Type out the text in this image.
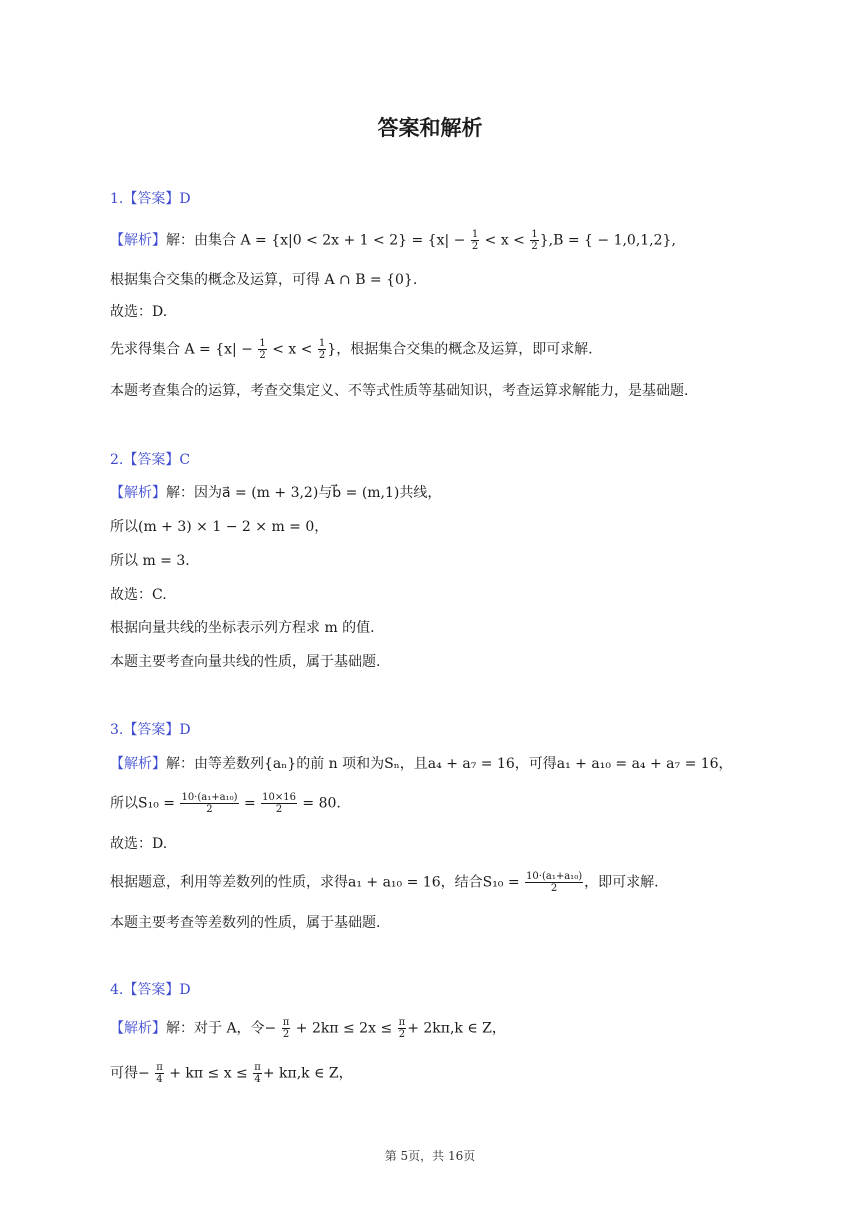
答案和解析
1.【答案】D
【解析】解：由集合 $A = \{x|0 < 2x + 1 < 2\} = \{x| - \frac{1}{2} < x < \frac{1}{2} \},B$ = { − 1,0,1,2},
根据集合交集的概念及运算，可得 A ∩ B = {0}.
故选：D.
先求得集合 $A = \{x| - \frac{1}{2} < x < \frac{1}{2}$ }，根据集合交集的概念及运算，即可求解.
本题考查集合的运算，考查交集定义、不等式性质等基础知识，考查运算求解能力，是基础题.
2.【答案】C
【解析】解：因为a⃗ = (m + 3,2)与b⃗ = (m,1)共线，
所以(m + 3) × 1 − 2 × m = 0，
所以 m = 3.
故选：C.
根据向量共线的坐标表示列方程求 m 的值.
本题主要考查向量共线的性质，属于基础题.
3.【答案】D
【解析】解：由等差数列{aₙ}的前 n 项和为Sₙ，且a₄ + a₇ = 16，可得a₁ + a₁₀ = a₄ + a₇ = 16，
所以$S_{10} = \frac{\text{10·(a₁+a₁₀)}}{2} = \frac{10\times 16}{2} = 80$.
故选：D.
根据题意，利用等差数列的性质，求得a₁ + a₁₀ = 16，结合$S_{10} = \frac{\text{10·(a₁+a₁₀)}}{2}$ ，即可求解.
本题主要考查等差数列的性质，属于基础题.
4.【答案】D
【解析】解：对于 A，令− $\frac{\pi}{2} + 2k\pi \le 2x \le \frac{\pi}{2} + 2k\pi,k$ ∈ Z，
可得− $\frac{\pi}{4} + k\pi \le x \le \frac{\pi}{4} + k\pi,k$ ∈ Z，
第 5页，共 16页
